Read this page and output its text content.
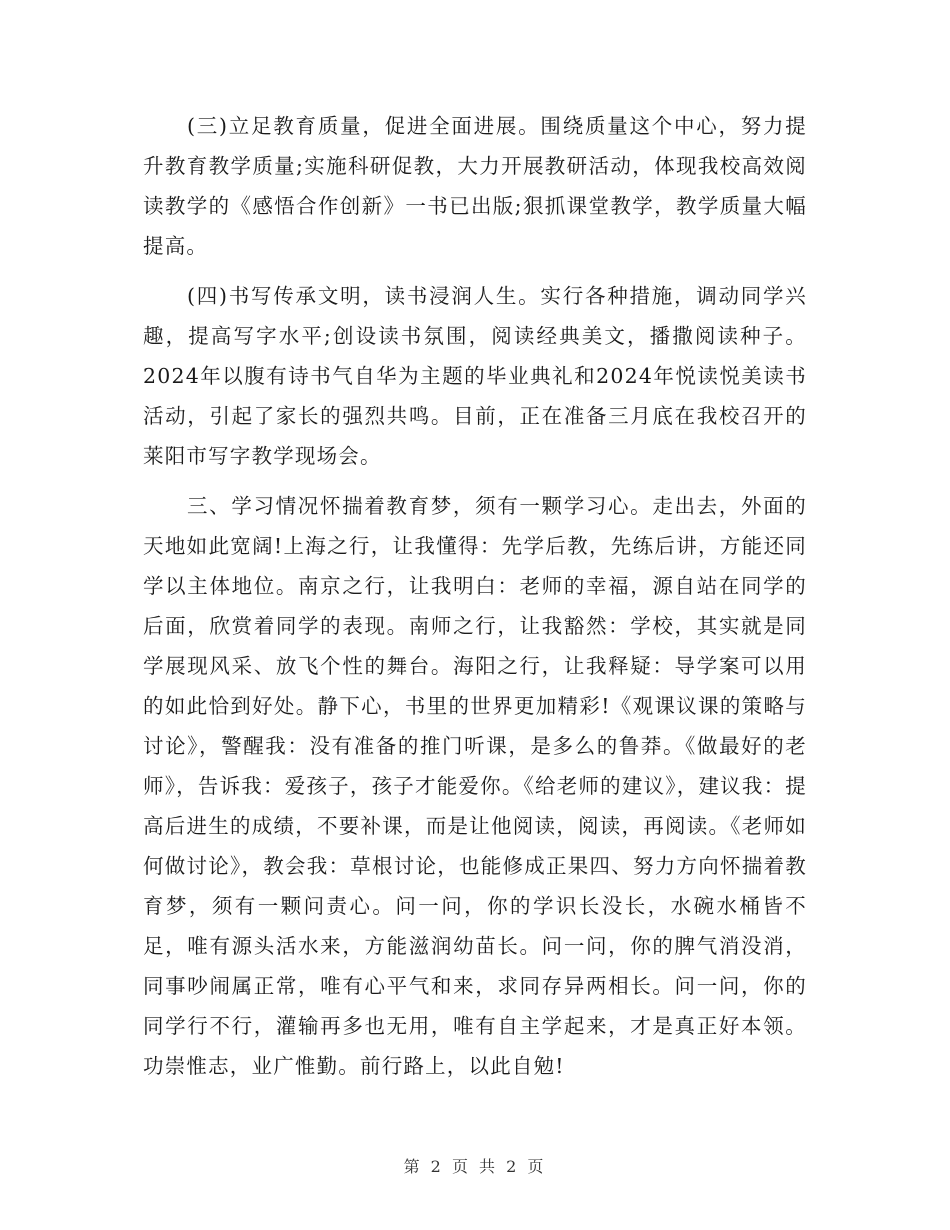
(三)立足教育质量，促进全面进展。围绕质量这个中心，努力提升教育教学质量;实施科研促教，大力开展教研活动，体现我校高效阅读教学的《感悟合作创新》一书已出版;狠抓课堂教学，教学质量大幅提高。

(四)书写传承文明，读书浸润人生。实行各种措施，调动同学兴趣，提高写字水平;创设读书氛围，阅读经典美文，播撒阅读种子。2024年以腹有诗书气自华为主题的毕业典礼和2024年悦读悦美读书活动，引起了家长的强烈共鸣。目前，正在准备三月底在我校召开的莱阳市写字教学现场会。

三、学习情况怀揣着教育梦，须有一颗学习心。走出去，外面的天地如此宽阔!上海之行，让我懂得：先学后教，先练后讲，方能还同学以主体地位。南京之行，让我明白：老师的幸福，源自站在同学的后面，欣赏着同学的表现。南师之行，让我豁然：学校，其实就是同学展现风采、放飞个性的舞台。海阳之行，让我释疑：导学案可以用的如此恰到好处。静下心，书里的世界更加精彩!《观课议课的策略与讨论》，警醒我：没有准备的推门听课，是多么的鲁莽。《做最好的老师》，告诉我：爱孩子，孩子才能爱你。《给老师的建议》，建议我：提高后进生的成绩，不要补课，而是让他阅读，阅读，再阅读。《老师如何做讨论》，教会我：草根讨论，也能修成正果四、努力方向怀揣着教育梦，须有一颗问责心。问一问，你的学识长没长，水碗水桶皆不足，唯有源头活水来，方能滋润幼苗长。问一问，你的脾气消没消，同事吵闹属正常，唯有心平气和来，求同存异两相长。问一问，你的同学行不行，灌输再多也无用，唯有自主学起来，才是真正好本领。功崇惟志，业广惟勤。前行路上，以此自勉!

第 2 页 共 2 页
